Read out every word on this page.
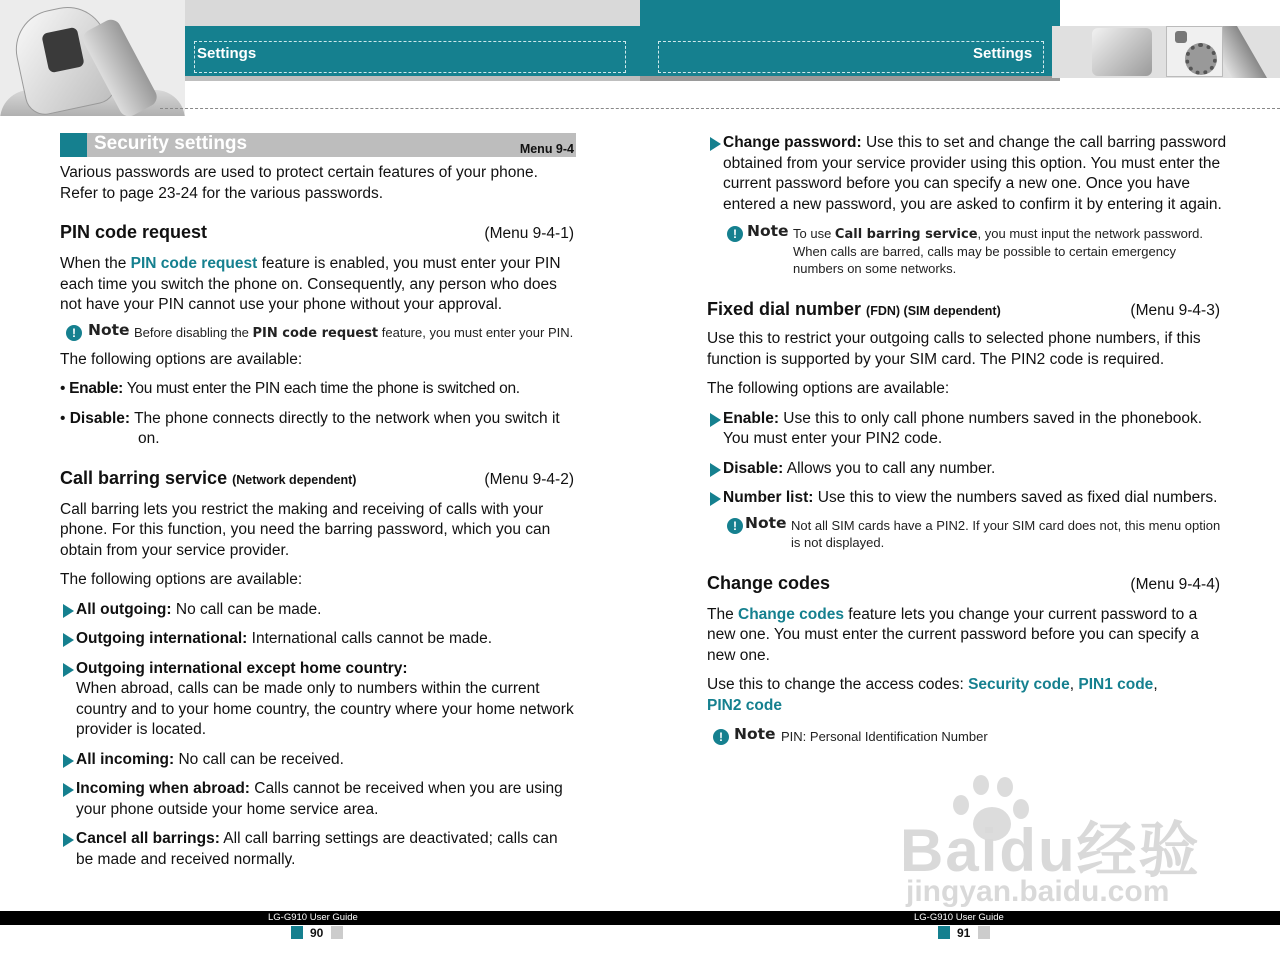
Settings	Settings
Security settings	Menu 9-4

Various passwords are used to protect certain features of your phone. Refer to page 23-24 for the various passwords.

PIN code request	(Menu 9-4-1)

When the PIN code request feature is enabled, you must enter your PIN each time you switch the phone on. Consequently, any person who does not have your PIN cannot use your phone without your approval.

! Note Before disabling the PIN code request feature, you must enter your PIN.

The following options are available:

• Enable: You must enter the PIN each time the phone is switched on.

• Disable: The phone connects directly to the network when you switch it on.

Call barring service (Network dependent)	(Menu 9-4-2)

Call barring lets you restrict the making and receiving of calls with your phone. For this function, you need the barring password, which you can obtain from your service provider.

The following options are available:

All outgoing: No call can be made.
Outgoing international: International calls cannot be made.
Outgoing international except home country:
When abroad, calls can be made only to numbers within the current country and to your home country, the country where your home network provider is located.
All incoming: No call can be received.
Incoming when abroad: Calls cannot be received when you are using your phone outside your home service area.
Cancel all barrings: All call barring settings are deactivated; calls can be made and received normally.
Change password: Use this to set and change the call barring password obtained from your service provider using this option. You must enter the current password before you can specify a new one. Once you have entered a new password, you are asked to confirm it by entering it again.
! Note To use Call barring service, you must input the network password. When calls are barred, calls may be possible to certain emergency numbers on some networks.
Fixed dial number (FDN) (SIM dependent)	(Menu 9-4-3)

Use this to restrict your outgoing calls to selected phone numbers, if this function is supported by your SIM card. The PIN2 code is required.

The following options are available:

Enable: Use this to only call phone numbers saved in the phonebook. You must enter your PIN2 code.
Disable: Allows you to call any number.
Number list: Use this to view the numbers saved as fixed dial numbers.
! Note Not all SIM cards have a PIN2. If your SIM card does not, this menu option is not displayed.
Change codes	(Menu 9-4-4)

The Change codes feature lets you change your current password to a new one. You must enter the current password before you can specify a new one.

Use this to change the access codes: Security code, PIN1 code,
PIN2 code

! Note PIN: Personal Identification Number
Baidu经验
jingyan.baidu.com
LG-G910 User Guide	LG-G910 User Guide
90	91
